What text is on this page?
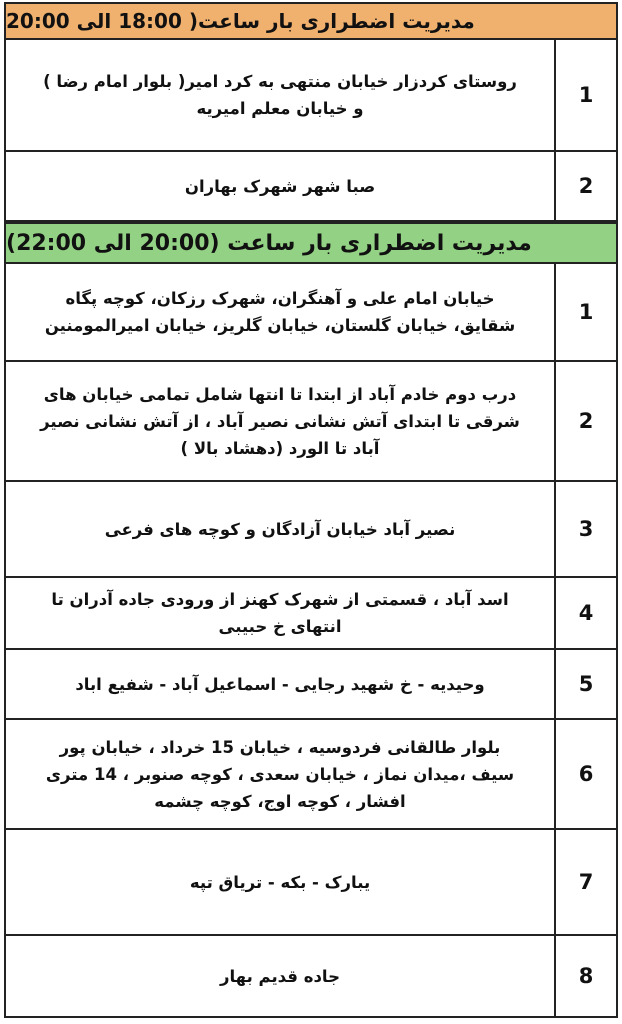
مدیریت اضطراری بار ساعت( 18:00 الی 20:00
1
روستای کردزار خیابان منتهی به کرد امیر( بلوار امام رضا )
و خیابان معلم امیریه
2
صبا شهر شهرک بهاران
مدیریت اضطراری بار ساعت (20:00 الی 22:00)
1
خیابان امام علی و آهنگران، شهرک رزکان، کوچه پگاه
شقایق، خیابان گلستان، خیابان گلریز، خیابان امیرالمومنین
2
درب دوم خادم آباد از ابتدا تا انتها شامل تمامی خیابان های
شرقی تا ابتدای آتش نشانی نصیر آباد ، از آتش نشانی نصیر
آباد تا الورد (دهشاد بالا )
3
نصیر آباد خیابان آزادگان و کوچه های فرعی
4
اسد آباد ، قسمتی از شهرک کهنز از ورودی جاده آدران تا
انتهای خ حبیبی
5
وحیدیه - خ شهید رجایی - اسماعیل آباد - شفیع اباد
6
بلوار طالقانی فردوسیه ، خیابان 15 خرداد ، خیابان پور
سیف ،میدان نماز ، خیابان سعدی ، کوچه صنوبر ، 14 متری
افشار ، کوچه اوج، کوچه چشمه
7
یبارک - بکه - تریاق تپه
8
جاده قدیم بهار
